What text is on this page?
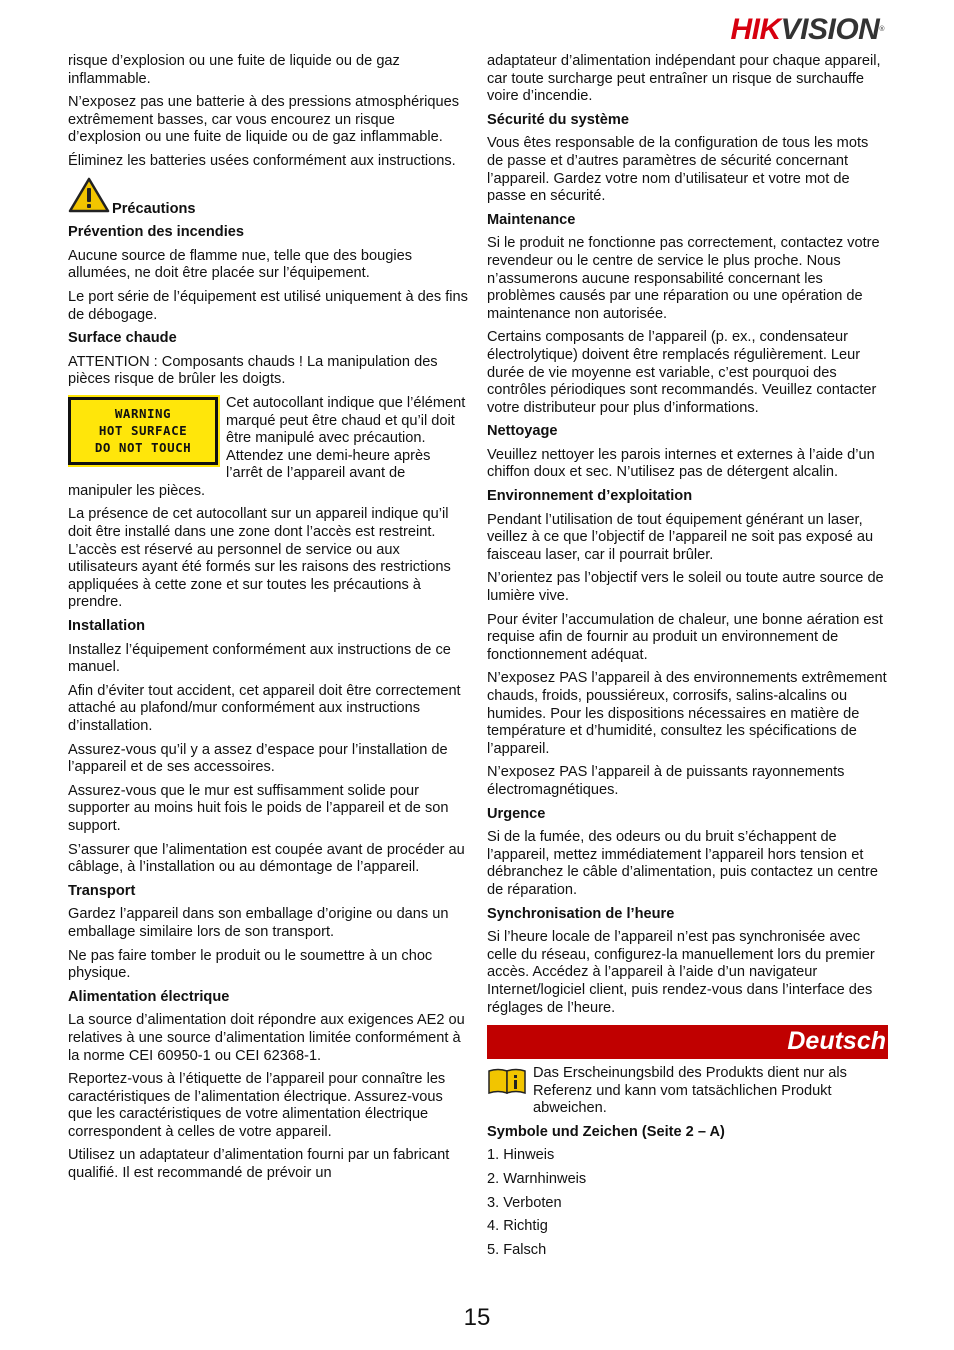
HIKVISION®

risque d’explosion ou une fuite de liquide ou de gaz inflammable.

N’exposez pas une batterie à des pressions atmosphériques extrêmement basses, car vous encourez un risque d’explosion ou une fuite de liquide ou de gaz inflammable.

Éliminez les batteries usées conformément aux instructions.

Précautions
Prévention des incendies

Aucune source de flamme nue, telle que des bougies allumées, ne doit être placée sur l’équipement.

Le port série de l’équipement est utilisé uniquement à des fins de débogage.

Surface chaude

ATTENTION : Composants chauds ! La manipulation des pièces risque de brûler les doigts.

WARNING
HOT SURFACE
DO NOT TOUCH
Cet autocollant indique que l’élément marqué peut être chaud et qu’il doit être manipulé avec précaution. Attendez une demi-heure après l’arrêt de l’appareil avant de manipuler les pièces.

La présence de cet autocollant sur un appareil indique qu’il doit être installé dans une zone dont l’accès est restreint. L’accès est réservé au personnel de service ou aux utilisateurs ayant été formés sur les raisons des restrictions appliquées à cette zone et sur toutes les précautions à prendre.

Installation

Installez l’équipement conformément aux instructions de ce manuel.

Afin d’éviter tout accident, cet appareil doit être correctement attaché au plafond/mur conformément aux instructions d’installation.

Assurez-vous qu’il y a assez d’espace pour l’installation de l’appareil et de ses accessoires.

Assurez-vous que le mur est suffisamment solide pour supporter au moins huit fois le poids de l’appareil et de son support.

S’assurer que l’alimentation est coupée avant de procéder au câblage, à l’installation ou au démontage de l’appareil.

Transport

Gardez l’appareil dans son emballage d’origine ou dans un emballage similaire lors de son transport.

Ne pas faire tomber le produit ou le soumettre à un choc physique.

Alimentation électrique

La source d’alimentation doit répondre aux exigences AE2 ou relatives à une source d’alimentation limitée conformément à la norme CEI 60950-1 ou CEI 62368-1.

Reportez-vous à l’étiquette de l’appareil pour connaître les caractéristiques de l’alimentation électrique. Assurez-vous que les caractéristiques de votre alimentation électrique correspondent à celles de votre appareil.

Utilisez un adaptateur d’alimentation fourni par un fabricant qualifié. Il est recommandé de prévoir un

adaptateur d’alimentation indépendant pour chaque appareil, car toute surcharge peut entraîner un risque de surchauffe voire d’incendie.

Sécurité du système

Vous êtes responsable de la configuration de tous les mots de passe et d’autres paramètres de sécurité concernant l’appareil. Gardez votre nom d’utilisateur et votre mot de passe en sécurité.

Maintenance

Si le produit ne fonctionne pas correctement, contactez votre revendeur ou le centre de service le plus proche. Nous n’assumerons aucune responsabilité concernant les problèmes causés par une réparation ou une opération de maintenance non autorisée.

Certains composants de l’appareil (p. ex., condensateur électrolytique) doivent être remplacés régulièrement. Leur durée de vie moyenne est variable, c’est pourquoi des contrôles périodiques sont recommandés. Veuillez contacter votre distributeur pour plus d’informations.

Nettoyage

Veuillez nettoyer les parois internes et externes à l’aide d’un chiffon doux et sec. N’utilisez pas de détergent alcalin.

Environnement d’exploitation

Pendant l’utilisation de tout équipement générant un laser, veillez à ce que l’objectif de l’appareil ne soit pas exposé au faisceau laser, car il pourrait brûler.

N’orientez pas l’objectif vers le soleil ou toute autre source de lumière vive.

Pour éviter l’accumulation de chaleur, une bonne aération est requise afin de fournir au produit un environnement de fonctionnement adéquat.

N’exposez PAS l’appareil à des environnements extrêmement chauds, froids, poussiéreux, corrosifs, salins-alcalins ou humides. Pour les dispositions nécessaires en matière de température et d’humidité, consultez les spécifications de l’appareil.

N’exposez PAS l’appareil à de puissants rayonnements électromagnétiques.

Urgence

Si de la fumée, des odeurs ou du bruit s’échappent de l’appareil, mettez immédiatement l’appareil hors tension et débranchez le câble d’alimentation, puis contactez un centre de réparation.

Synchronisation de l’heure

Si l’heure locale de l’appareil n’est pas synchronisée avec celle du réseau, configurez-la manuellement lors du premier accès. Accédez à l’appareil à l’aide d’un navigateur Internet/logiciel client, puis rendez-vous dans l’interface des réglages de l’heure.

Deutsch
Das Erscheinungsbild des Produkts dient nur als Referenz und kann vom tatsächlichen Produkt abweichen.
Symbole und Zeichen (Seite 2 – A)
1. Hinweis
2. Warnhinweis
3. Verboten
4. Richtig
5. Falsch
15
